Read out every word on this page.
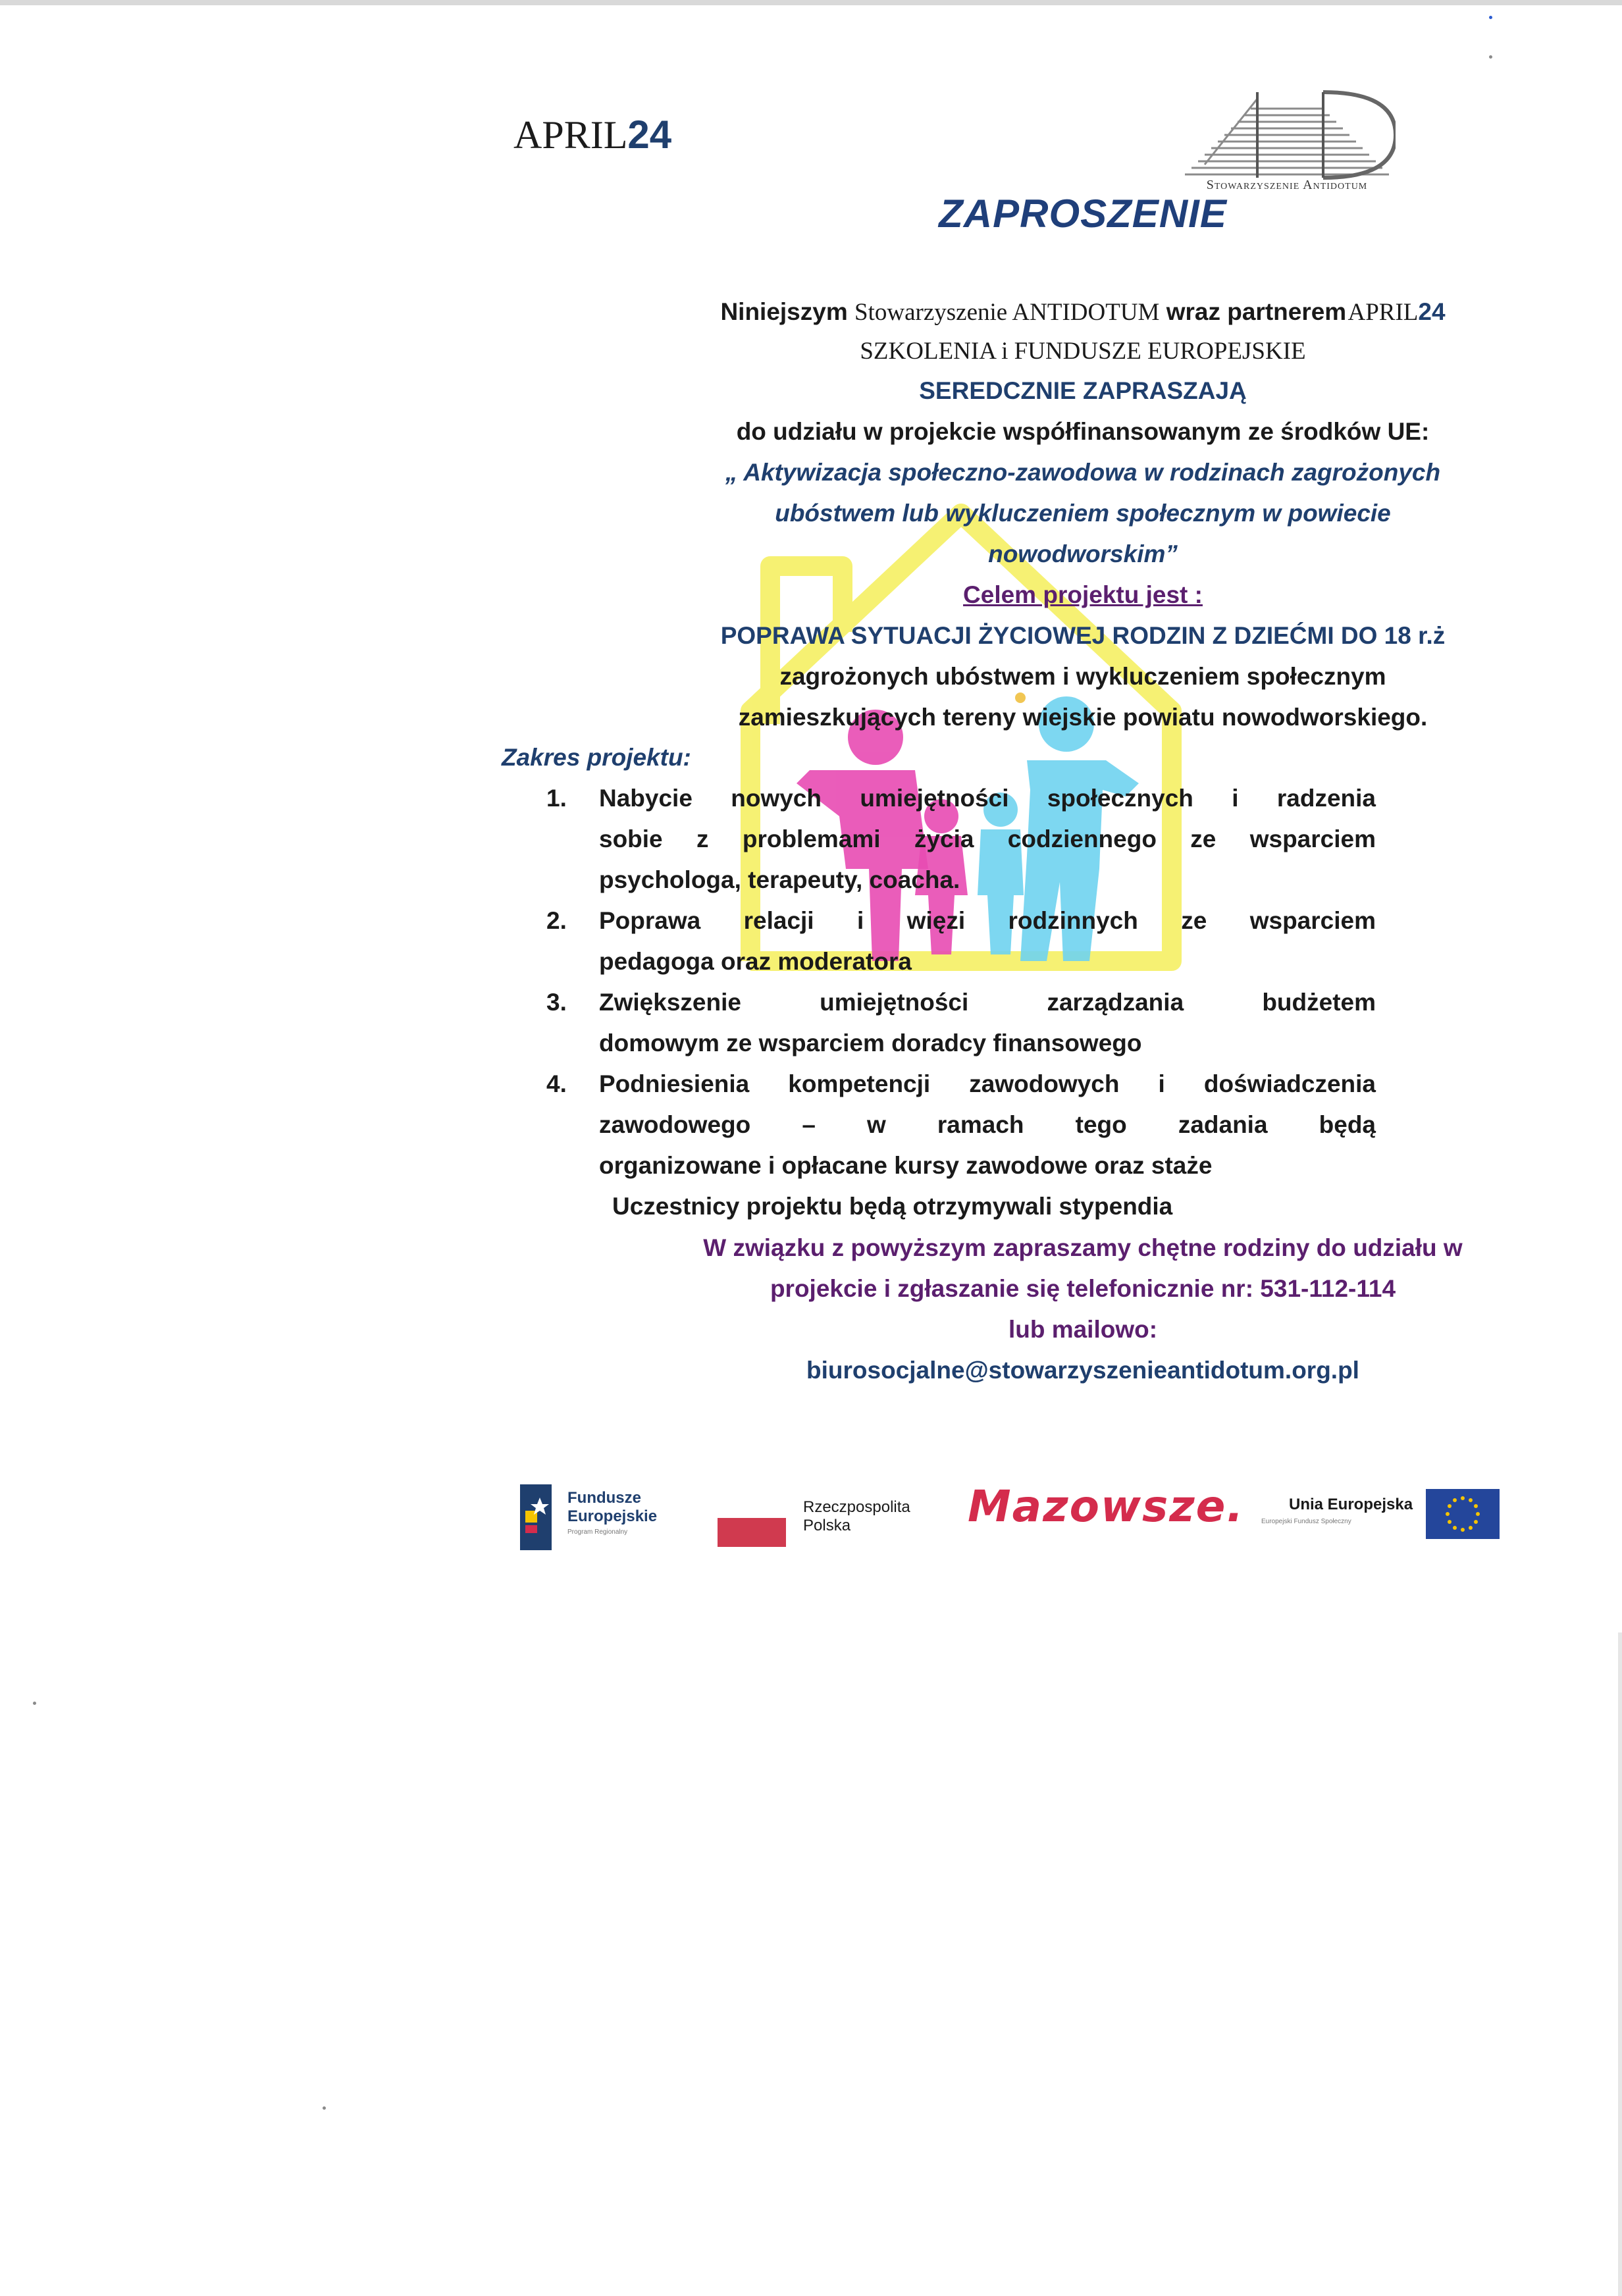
APRIL24
Stowarzyszenie Antidotum
ZAPROSZENIE
Niniejszym Stowarzyszenie ANTIDOTUM wraz partnerem APRIL24
SZKOLENIA i FUNDUSZE EUROPEJSKIE
SEREDCZNIE ZAPRASZAJĄ
do udziału w projekcie współfinansowanym ze środków UE:
„ Aktywizacja społeczno-zawodowa w rodzinach zagrożonych
ubóstwem lub wykluczeniem społecznym w powiecie
nowodworskim”
Celem projektu jest :
POPRAWA SYTUACJI ŻYCIOWEJ RODZIN Z DZIEĆMI DO 18 r.ż
zagrożonych ubóstwem i wykluczeniem społecznym
zamieszkujących tereny wiejskie powiatu nowodworskiego.
Zakres projektu:
1.	Nabycie nowych umiejętności społecznych i radzenia
sobie z problemami życia codziennego ze wsparciem
psychologa, terapeuty, coacha.
2.	Poprawa relacji i więzi rodzinnych ze wsparciem
pedagoga oraz moderatora
3.	Zwiększenie umiejętności zarządzania budżetem
domowym ze wsparciem doradcy finansowego
4.	Podniesienia kompetencji zawodowych i doświadczenia
zawodowego – w ramach tego zadania będą
organizowane i opłacane kursy zawodowe oraz staże
Uczestnicy projektu będą otrzymywali stypendia
W związku z powyższym zapraszamy chętne rodziny do udziału w
projekcie i zgłaszanie się telefonicznie nr: 531-112-114
lub mailowo:
biurosocjalne@stowarzyszenieantidotum.org.pl
Fundusze
Europejskie
Program Regionalny
Rzeczpospolita
Polska	Mazowsze.	Unia Europejska
Europejski Fundusz Społeczny
